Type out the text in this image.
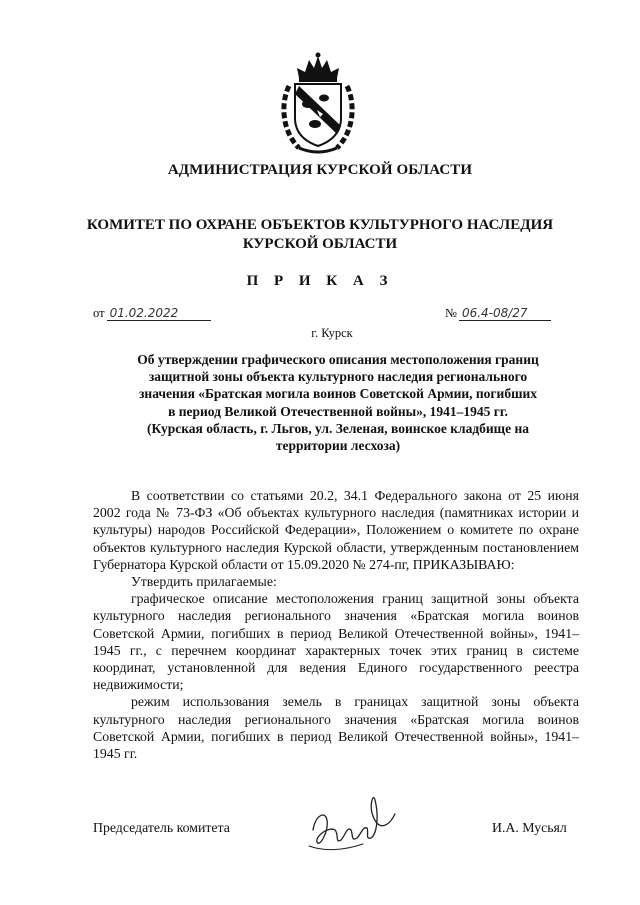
АДМИНИСТРАЦИЯ КУРСКОЙ ОБЛАСТИ
КОМИТЕТ ПО ОХРАНЕ ОБЪЕКТОВ КУЛЬТУРНОГО НАСЛЕДИЯ
КУРСКОЙ ОБЛАСТИ
П Р И К А З
от 01.02.2022	№ 06.4-08/27
г. Курск
Об утверждении графического описания местоположения границ
защитной зоны объекта культурного наследия регионального
значения «Братская могила воинов Советской Армии, погибших
в период Великой Отечественной войны», 1941–1945 гг.
(Курская область, г. Льгов, ул. Зеленая, воинское кладбище на
территории лесхоза)

В соответствии со статьями 20.2, 34.1 Федерального закона от 25 июня 2002 года № 73-ФЗ «Об объектах культурного наследия (памятниках истории и культуры) народов Российской Федерации», Положением о комитете по охране объектов культурного наследия Курской области, утвержденным постановлением Губернатора Курской области от 15.09.2020 № 274-пг, ПРИКАЗЫВАЮ:

Утвердить прилагаемые:

графическое описание местоположения границ защитной зоны объекта культурного наследия регионального значения «Братская могила воинов Советской Армии, погибших в период Великой Отечественной войны», 1941–1945 гг., с перечнем координат характерных точек этих границ в системе координат, установленной для ведения Единого государственного реестра недвижимости;

режим использования земель в границах защитной зоны объекта культурного наследия регионального значения «Братская могила воинов Советской Армии, погибших в период Великой Отечественной войны», 1941–1945 гг.

Председатель комитета	И.А. Мусьял
